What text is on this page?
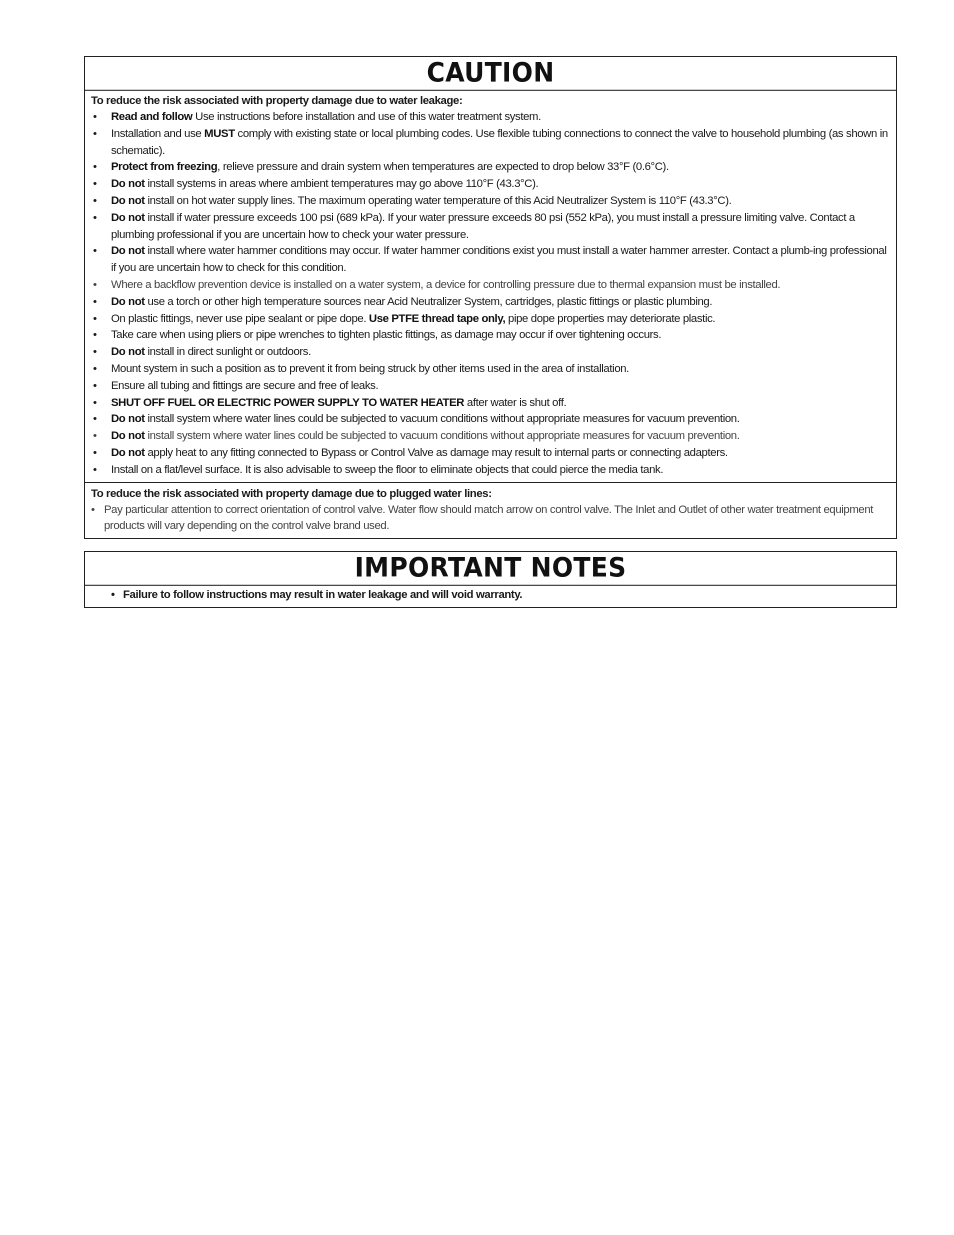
CAUTION
To reduce the risk associated with property damage due to water leakage:
• Read and follow Use instructions before installation and use of this water treatment system.
• Installation and use MUST comply with existing state or local plumbing codes. Use flexible tubing connections to connect the valve to household plumbing (as shown in schematic).
• Protect from freezing, relieve pressure and drain system when temperatures are expected to drop below 33°F (0.6°C).
• Do not install systems in areas where ambient temperatures may go above 110°F (43.3°C).
• Do not install on hot water supply lines. The maximum operating water temperature of this Acid Neutralizer System is 110°F (43.3°C).
• Do not install if water pressure exceeds 100 psi (689 kPa). If your water pressure exceeds 80 psi (552 kPa), you must install a pressure limiting valve. Contact a plumbing professional if you are uncertain how to check your water pressure.
• Do not install where water hammer conditions may occur. If water hammer conditions exist you must install a water hammer arrester. Contact a plumb-ing professional if you are uncertain how to check for this condition.
• Where a backflow prevention device is installed on a water system, a device for controlling pressure due to thermal expansion must be installed.
• Do not use a torch or other high temperature sources near Acid Neutralizer System, cartridges, plastic fittings or plastic plumbing.
• On plastic fittings, never use pipe sealant or pipe dope. Use PTFE thread tape only, pipe dope properties may deteriorate plastic.
• Take care when using pliers or pipe wrenches to tighten plastic fittings, as damage may occur if over tightening occurs.
• Do not install in direct sunlight or outdoors.
• Mount system in such a position as to prevent it from being struck by other items used in the area of installation.
• Ensure all tubing and fittings are secure and free of leaks.
• SHUT OFF FUEL OR ELECTRIC POWER SUPPLY TO WATER HEATER after water is shut off.
• Do not install system where water lines could be subjected to vacuum conditions without appropriate measures for vacuum prevention.
• Do not install system where water lines could be subjected to vacuum conditions without appropriate measures for vacuum prevention.
• Do not apply heat to any fitting connected to Bypass or Control Valve as damage may result to internal parts or connecting adapters.
• Install on a flat/level surface. It is also advisable to sweep the floor to eliminate objects that could pierce the media tank.
To reduce the risk associated with property damage due to plugged water lines:
• Pay particular attention to correct orientation of control valve. Water flow should match arrow on control valve. The Inlet and Outlet of other water treatment equipment products will vary depending on the control valve brand used.
IMPORTANT NOTES
• Failure to follow instructions may result in water leakage and will void warranty.
